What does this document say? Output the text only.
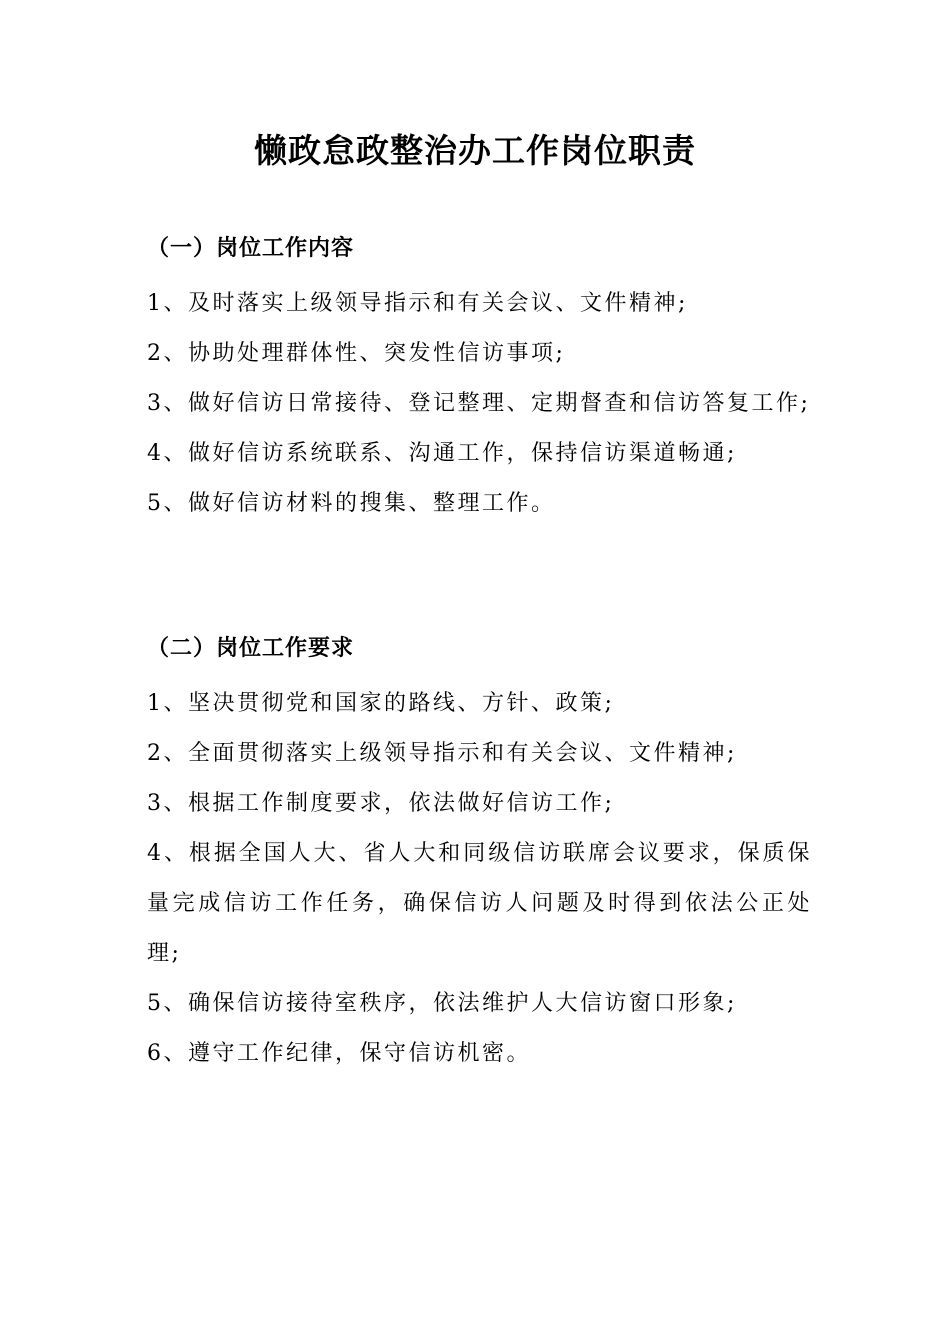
懒政怠政整治办工作岗位职责
（一）岗位工作内容

1、及时落实上级领导指示和有关会议、文件精神;

2、协助处理群体性、突发性信访事项;

3、做好信访日常接待、登记整理、定期督查和信访答复工作;

4、做好信访系统联系、沟通工作，保持信访渠道畅通;

5、做好信访材料的搜集、整理工作。

（二）岗位工作要求

1、坚决贯彻党和国家的路线、方针、政策;

2、全面贯彻落实上级领导指示和有关会议、文件精神;

3、根据工作制度要求，依法做好信访工作;

4、根据全国人大、省人大和同级信访联席会议要求，保质保量完成信访工作任务，确保信访人问题及时得到依法公正处理;

5、确保信访接待室秩序，依法维护人大信访窗口形象;

6、遵守工作纪律，保守信访机密。
